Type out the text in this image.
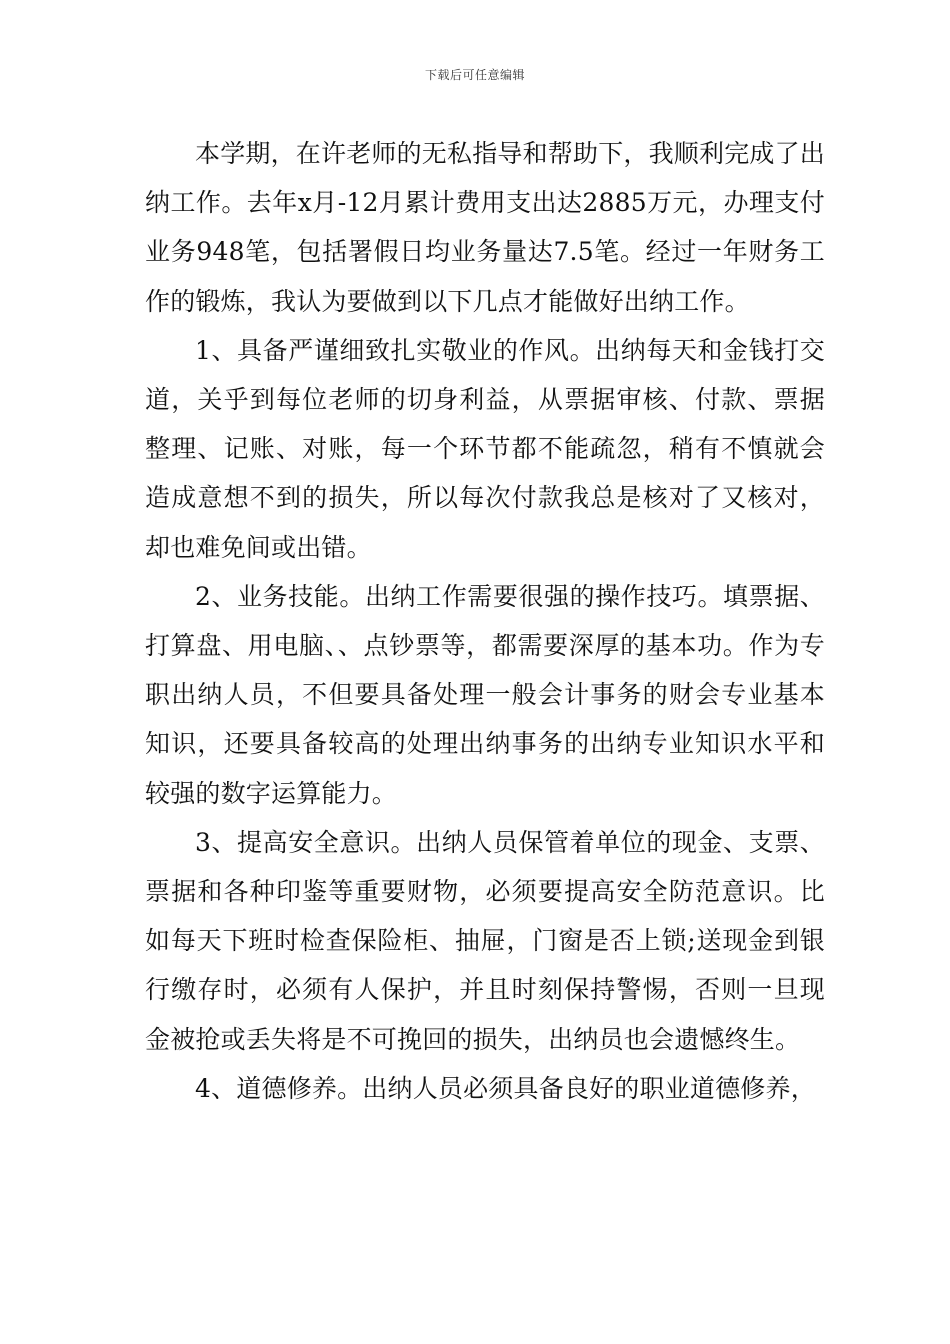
下载后可任意编辑

本学期，在许老师的无私指导和帮助下，我顺利完成了出纳工作。去年x月-12月累计费用支出达2885万元，办理支付业务948笔，包括署假日均业务量达7.5笔。经过一年财务工作的锻炼，我认为要做到以下几点才能做好出纳工作。

1、具备严谨细致扎实敬业的作风。出纳每天和金钱打交道，关乎到每位老师的切身利益，从票据审核、付款、票据整理、记账、对账，每一个环节都不能疏忽，稍有不慎就会造成意想不到的损失，所以每次付款我总是核对了又核对，却也难免间或出错。

2、业务技能。出纳工作需要很强的操作技巧。填票据、打算盘、用电脑、、点钞票等，都需要深厚的基本功。作为专职出纳人员，不但要具备处理一般会计事务的财会专业基本知识，还要具备较高的处理出纳事务的出纳专业知识水平和较强的数字运算能力。

3、提高安全意识。出纳人员保管着单位的现金、支票、票据和各种印鉴等重要财物，必须要提高安全防范意识。比如每天下班时检查保险柜、抽屉，门窗是否上锁;送现金到银行缴存时，必须有人保护，并且时刻保持警惕，否则一旦现金被抢或丢失将是不可挽回的损失，出纳员也会遗憾终生。

4、道德修养。出纳人员必须具备良好的职业道德修养，
